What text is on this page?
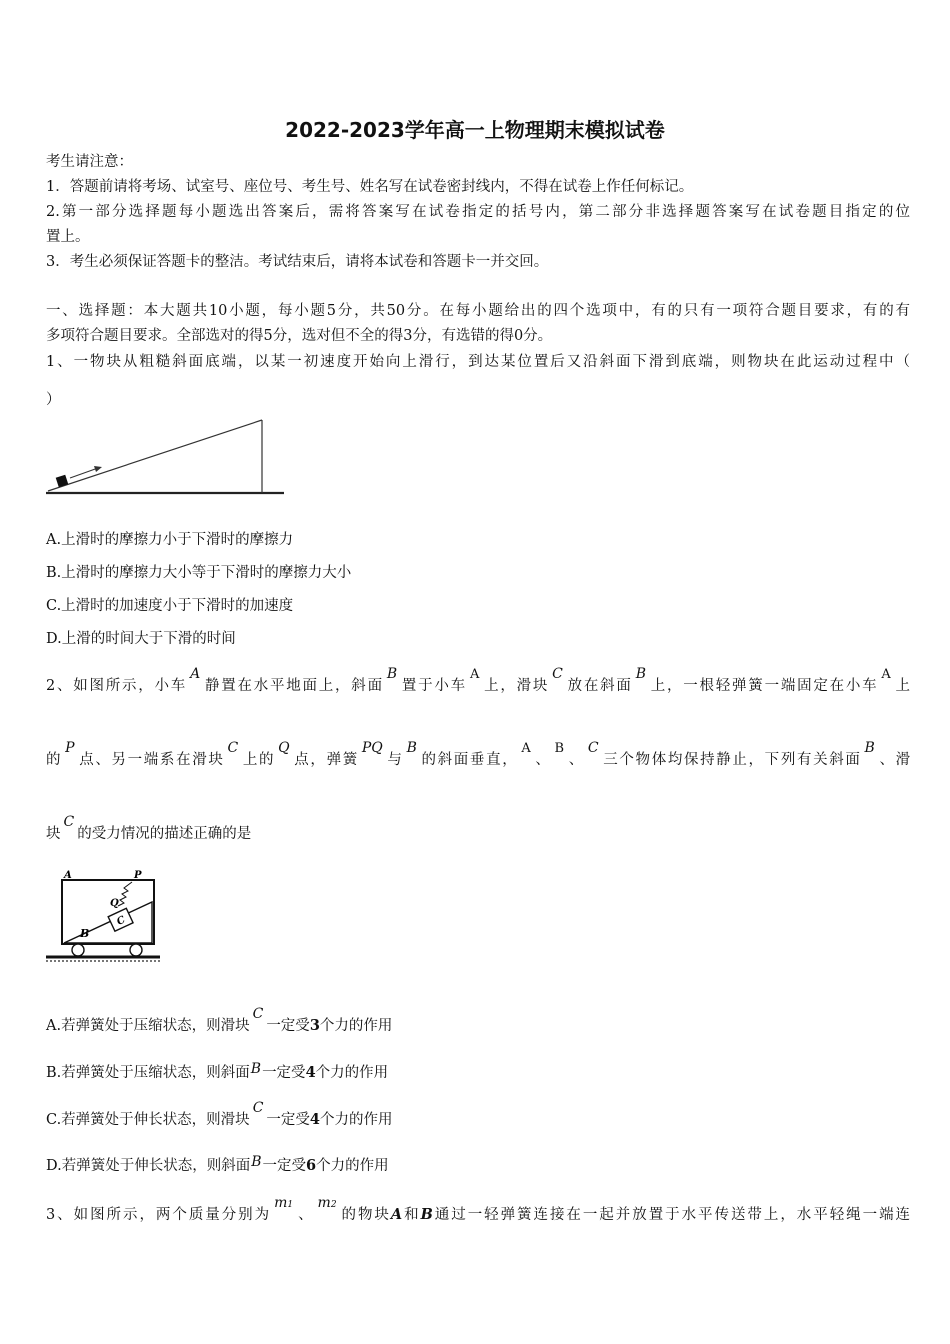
2022-2023学年高一上物理期末模拟试卷
考生请注意：
1．答题前请将考场、试室号、座位号、考生号、姓名写在试卷密封线内，不得在试卷上作任何标记。
2.第一部分选择题每小题选出答案后，需将答案写在试卷指定的括号内，第二部分非选择题答案写在试卷题目指定的位
置上。
3．考生必须保证答题卡的整洁。考试结束后，请将本试卷和答题卡一并交回。
一、选择题：本大题共10小题，每小题5分，共50分。在每小题给出的四个选项中，有的只有一项符合题目要求，有的有
多项符合题目要求。全部选对的得5分，选对但不全的得3分，有选错的得0分。
1、一物块从粗糙斜面底端，以某一初速度开始向上滑行，到达某位置后又沿斜面下滑到底端，则物块在此运动过程中（
）
A.上滑时的摩擦力小于下滑时的摩擦力
B.上滑时的摩擦力大小等于下滑时的摩擦力大小
C.上滑时的加速度小于下滑时的加速度
D.上滑的时间大于下滑的时间
2、如图所示，小车A静置在水平地面上，斜面B置于小车A上，滑块C放在斜面B上，一根轻弹簧一端固定在小车A上
的P点、另一端系在滑块C上的Q点，弹簧PQ与B的斜面垂直，A、B、C三个物体均保持静止，下列有关斜面B、滑
块C的受力情况的描述正确的是
A	P
B
C
Q
A.若弹簧处于压缩状态，则滑块C一定受3个力的作用
B.若弹簧处于压缩状态，则斜面B一定受4个力的作用
C.若弹簧处于伸长状态，则滑块C一定受4个力的作用
D.若弹簧处于伸长状态，则斜面B一定受6个力的作用
3、如图所示，两个质量分别为m1、m2的物块A和B通过一轻弹簧连接在一起并放置于水平传送带上，水平轻绳一端连
